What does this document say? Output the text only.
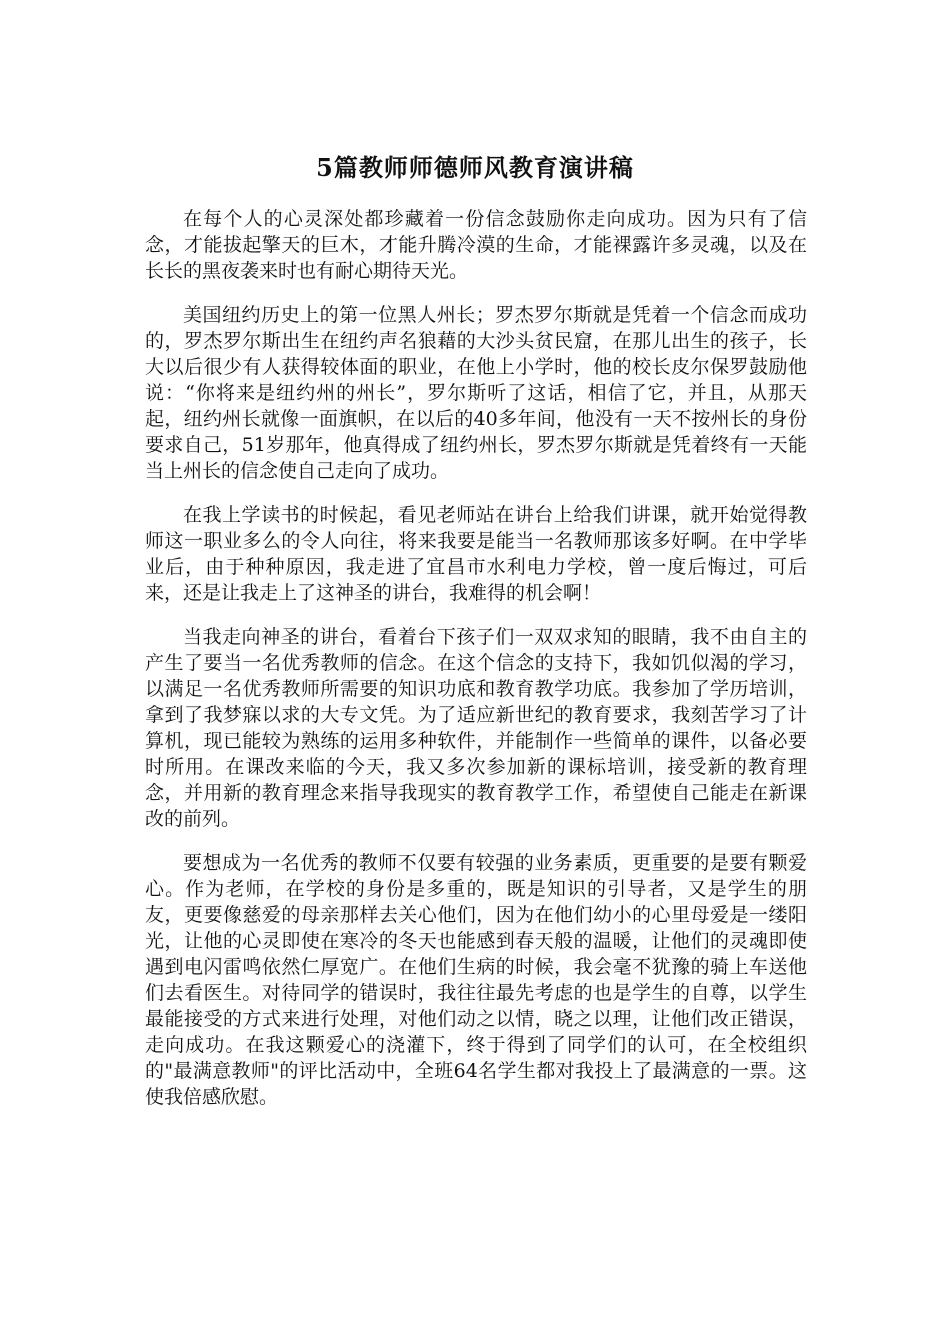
5篇教师师德师风教育演讲稿

在每个人的心灵深处都珍藏着一份信念鼓励你走向成功。因为只有了信念，才能拔起擎天的巨木，才能升腾冷漠的生命，才能裸露许多灵魂，以及在长长的黑夜袭来时也有耐心期待天光。

美国纽约历史上的第一位黑人州长；罗杰罗尔斯就是凭着一个信念而成功的，罗杰罗尔斯出生在纽约声名狼藉的大沙头贫民窟，在那儿出生的孩子，长大以后很少有人获得较体面的职业，在他上小学时，他的校长皮尔保罗鼓励他说：“你将来是纽约州的州长”，罗尔斯听了这话，相信了它，并且，从那天起，纽约州长就像一面旗帜，在以后的40多年间，他没有一天不按州长的身份要求自己，51岁那年，他真得成了纽约州长，罗杰罗尔斯就是凭着终有一天能当上州长的信念使自己走向了成功。

在我上学读书的时候起，看见老师站在讲台上给我们讲课，就开始觉得教师这一职业多么的令人向往，将来我要是能当一名教师那该多好啊。在中学毕业后，由于种种原因，我走进了宜昌市水利电力学校，曾一度后悔过，可后来，还是让我走上了这神圣的讲台，我难得的机会啊！

当我走向神圣的讲台，看着台下孩子们一双双求知的眼睛，我不由自主的产生了要当一名优秀教师的信念。在这个信念的支持下，我如饥似渴的学习，以满足一名优秀教师所需要的知识功底和教育教学功底。我参加了学历培训，拿到了我梦寐以求的大专文凭。为了适应新世纪的教育要求，我刻苦学习了计算机，现已能较为熟练的运用多种软件，并能制作一些简单的课件，以备必要时所用。在课改来临的今天，我又多次参加新的课标培训，接受新的教育理念，并用新的教育理念来指导我现实的教育教学工作，希望使自己能走在新课改的前列。

要想成为一名优秀的教师不仅要有较强的业务素质，更重要的是要有颗爱心。作为老师，在学校的身份是多重的，既是知识的引导者，又是学生的朋友，更要像慈爱的母亲那样去关心他们，因为在他们幼小的心里母爱是一缕阳光，让他的心灵即使在寒冷的冬天也能感到春天般的温暖，让他们的灵魂即使遇到电闪雷鸣依然仁厚宽广。在他们生病的时候，我会毫不犹豫的骑上车送他们去看医生。对待同学的错误时，我往往最先考虑的也是学生的自尊，以学生最能接受的方式来进行处理，对他们动之以情，晓之以理，让他们改正错误，走向成功。在我这颗爱心的浇灌下，终于得到了同学们的认可，在全校组织的"最满意教师"的评比活动中，全班64名学生都对我投上了最满意的一票。这使我倍感欣慰。
